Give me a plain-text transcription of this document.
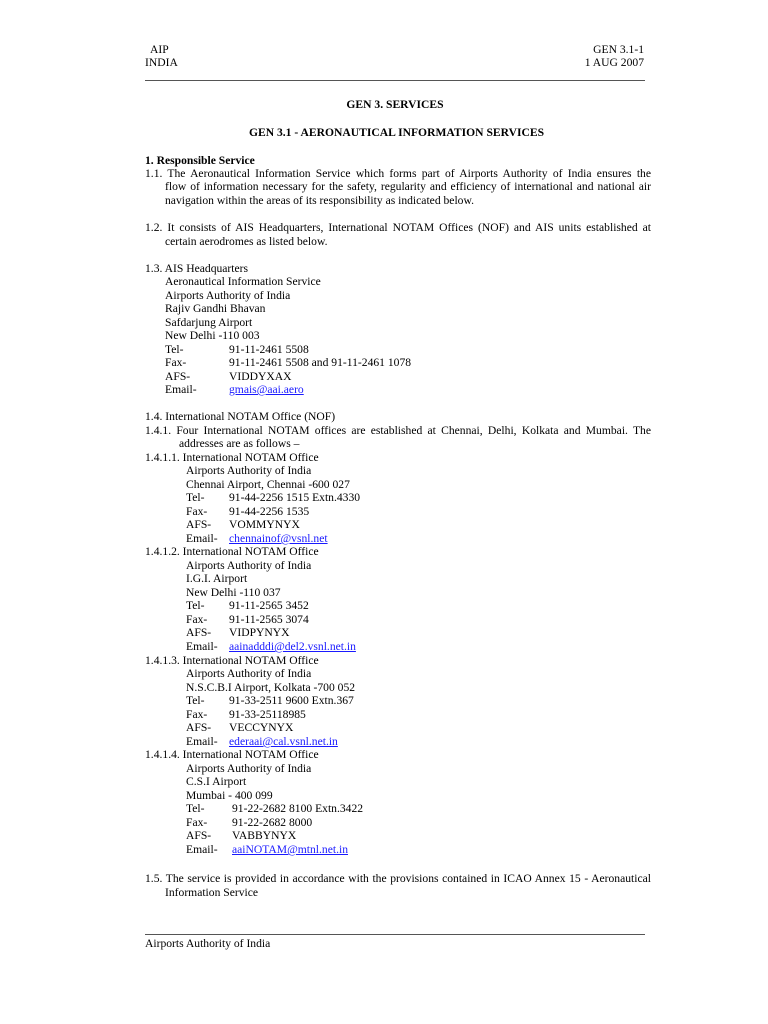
AIP
INDIA
GEN 3.1-1
1 AUG 2007
GEN 3. SERVICES
GEN 3.1 - AERONAUTICAL INFORMATION SERVICES
1. Responsible Service
1.1. The Aeronautical Information Service which forms part of Airports Authority of India ensures the
flow of information necessary for the safety, regularity and efficiency of international and national air
navigation within the areas of its responsibility as indicated below.
1.2. It consists of AIS Headquarters, International NOTAM Offices (NOF) and AIS units established at
certain aerodromes as listed below.
1.3. AIS Headquarters
Aeronautical Information Service
Airports Authority of India
Rajiv Gandhi Bhavan
Safdarjung Airport
New Delhi -110 003
Tel-	91-11-2461 5508
Fax-	91-11-2461 5508 and 91-11-2461 1078
AFS-	VIDDYXAX
Email-	gmais@aai.aero
1.4. International NOTAM Office (NOF)
1.4.1. Four International NOTAM offices are established at Chennai, Delhi, Kolkata and Mumbai. The
addresses are as follows –
1.4.1.1. International NOTAM Office
Airports Authority of India
Chennai Airport, Chennai -600 027
Tel- 91-44-2256 1515 Extn.4330
Fax- 91-44-2256 1535
AFS- VOMMYNYX
Email- chennainof@vsnl.net
1.4.1.2. International NOTAM Office
Airports Authority of India
I.G.I. Airport
New Delhi -110 037
Tel- 91-11-2565 3452
Fax- 91-11-2565 3074
AFS- VIDPYNYX
Email- aainadddi@del2.vsnl.net.in
1.4.1.3. International NOTAM Office
Airports Authority of India
N.S.C.B.I Airport, Kolkata -700 052
Tel- 91-33-2511 9600 Extn.367
Fax- 91-33-25118985
AFS- VECCYNYX
Email- ederaai@cal.vsnl.net.in
1.4.1.4. International NOTAM Office
Airports Authority of India
C.S.I Airport
Mumbai - 400 099
Tel- 91-22-2682 8100 Extn.3422
Fax- 91-22-2682 8000
AFS- VABBYNYX
Email- aaiNOTAM@mtnl.net.in
1.5. The service is provided in accordance with the provisions contained in ICAO Annex 15 - Aeronautical
Information Service
Airports Authority of India
